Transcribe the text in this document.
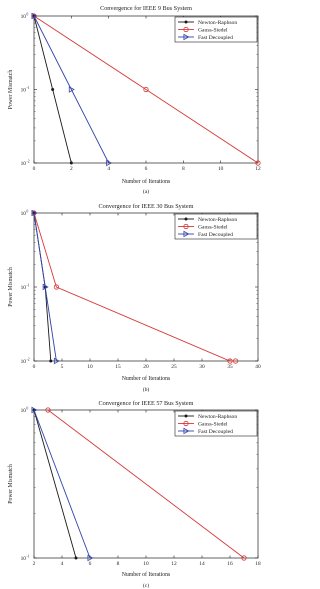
Convergence for IEEE 9 Bus System
0	2	4	6	8	10	12
10 0
10 -1
10 -2
Number of Iterations
Power Mismatch
(a)
Newton-Raphson
Gauss-Siedel
Fast Decoupled
Convergence for IEEE 30 Bus System
0	5	10	15	20	25	30	35	40
10 0
10 -1
10 -2
Number of Iterations
Power Mismatch
(b)
Newton-Raphson
Gauss-Siedel
Fast Decoupled
Convergence for IEEE 57 Bus System
2	4	6	8	10	12	14	16	18
10 0
10 -1
Number of Iterations
Power Mismatch
(c)
Newton-Raphson
Gauss-Siedel
Fast Decoupled
